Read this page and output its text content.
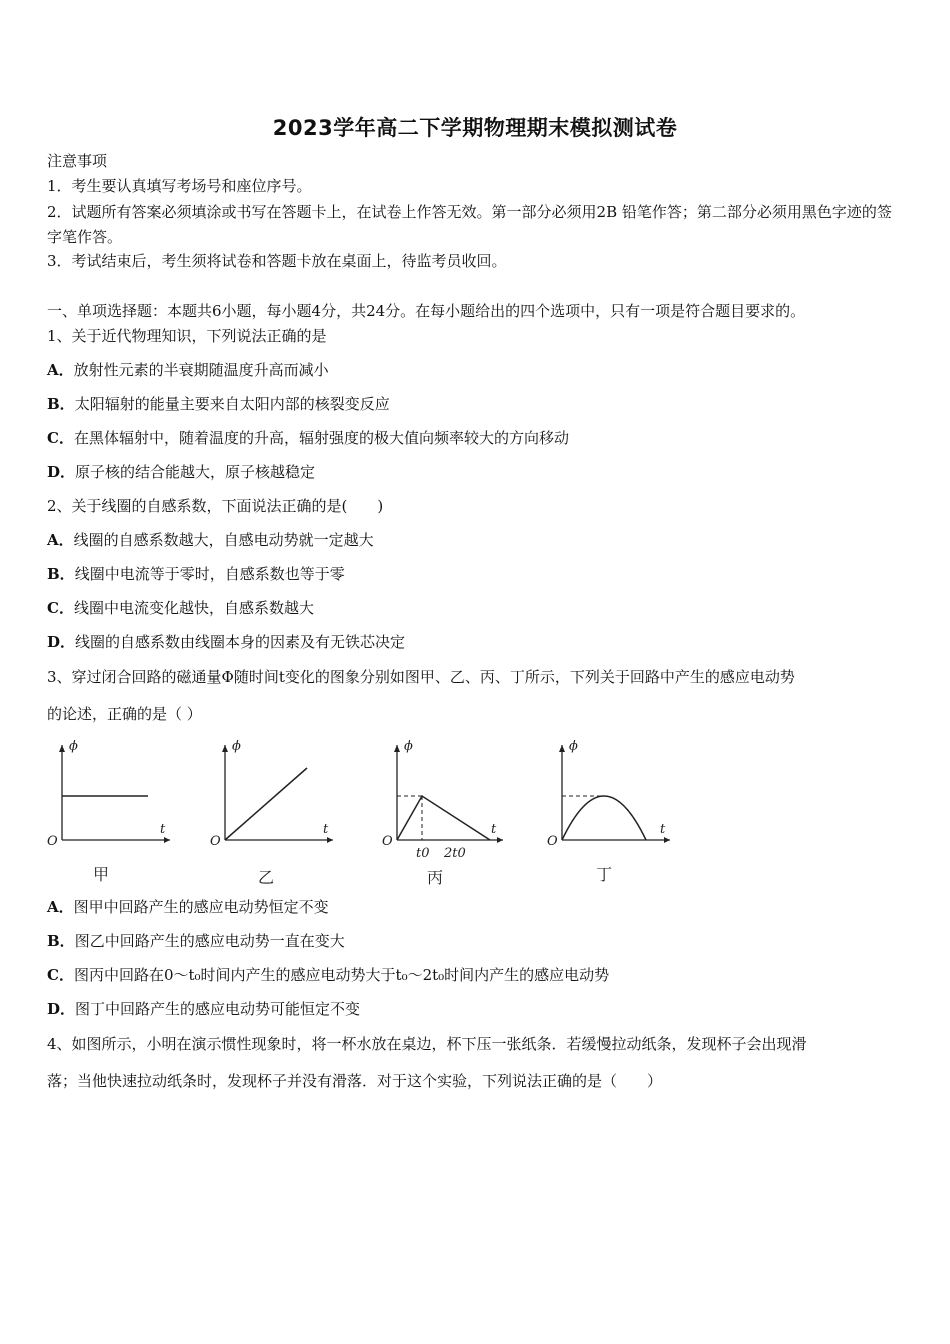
2023学年高二下学期物理期末模拟测试卷
注意事项
1．考生要认真填写考场号和座位序号。
2．试题所有答案必须填涂或书写在答题卡上，在试卷上作答无效。第一部分必须用2B 铅笔作答；第二部分必须用黑色字迹的签字笔作答。
3．考试结束后，考生须将试卷和答题卡放在桌面上，待监考员收回。
一、单项选择题：本题共6小题，每小题4分，共24分。在每小题给出的四个选项中，只有一项是符合题目要求的。
1、关于近代物理知识，下列说法正确的是
A．放射性元素的半衰期随温度升高而减小
B．太阳辐射的能量主要来自太阳内部的核裂变反应
C．在黑体辐射中，随着温度的升高，辐射强度的极大值向频率较大的方向移动
D．原子核的结合能越大，原子核越稳定
2、关于线圈的自感系数，下面说法正确的是(　　)
A．线圈的自感系数越大，自感电动势就一定越大
B．线圈中电流等于零时，自感系数也等于零
C．线圈中电流变化越快，自感系数越大
D．线圈的自感系数由线圈本身的因素及有无铁芯决定
3、穿过闭合回路的磁通量Φ随时间t变化的图象分别如图甲、乙、丙、丁所示，下列关于回路中产生的感应电动势
的论述，正确的是（ ）
ϕ
t
O
甲
ϕ
t
O
乙
ϕ
t
O
t0 2t0
丙
ϕ
t
O
丁
A．图甲中回路产生的感应电动势恒定不变
B．图乙中回路产生的感应电动势一直在变大
C．图丙中回路在0～t₀时间内产生的感应电动势大于t₀～2t₀时间内产生的感应电动势
D．图丁中回路产生的感应电动势可能恒定不变
4、如图所示，小明在演示惯性现象时，将一杯水放在桌边，杯下压一张纸条．若缓慢拉动纸条，发现杯子会出现滑
落；当他快速拉动纸条时，发现杯子并没有滑落．对于这个实验，下列说法正确的是（　　）
